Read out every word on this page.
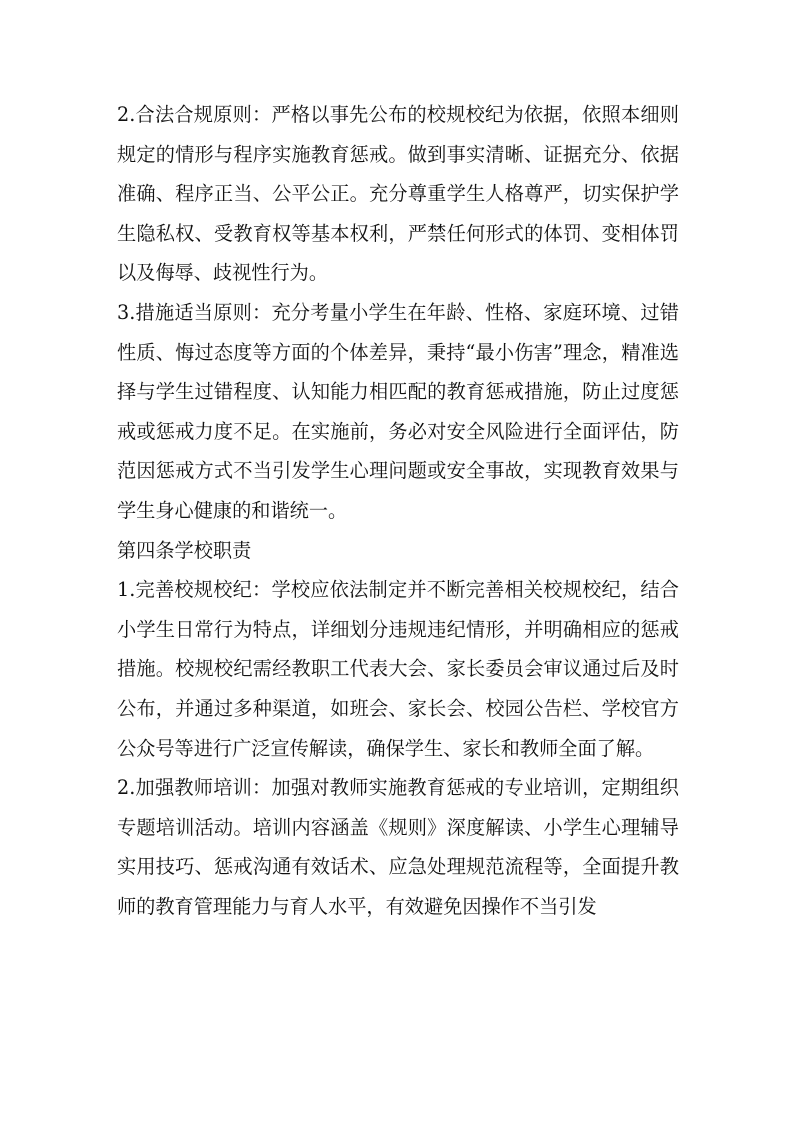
2.合法合规原则：严格以事先公布的校规校纪为依据，依照本细则规定的情形与程序实施教育惩戒。做到事实清晰、证据充分、依据准确、程序正当、公平公正。充分尊重学生人格尊严，切实保护学生隐私权、受教育权等基本权利，严禁任何形式的体罚、变相体罚以及侮辱、歧视性行为。

3.措施适当原则：充分考量小学生在年龄、性格、家庭环境、过错性质、悔过态度等方面的个体差异，秉持“最小伤害”理念，精准选择与学生过错程度、认知能力相匹配的教育惩戒措施，防止过度惩戒或惩戒力度不足。在实施前，务必对安全风险进行全面评估，防范因惩戒方式不当引发学生心理问题或安全事故，实现教育效果与学生身心健康的和谐统一。

第四条学校职责

1.完善校规校纪：学校应依法制定并不断完善相关校规校纪，结合小学生日常行为特点，详细划分违规违纪情形，并明确相应的惩戒措施。校规校纪需经教职工代表大会、家长委员会审议通过后及时公布，并通过多种渠道，如班会、家长会、校园公告栏、学校官方公众号等进行广泛宣传解读，确保学生、家长和教师全面了解。

2.加强教师培训：加强对教师实施教育惩戒的专业培训，定期组织专题培训活动。培训内容涵盖《规则》深度解读、小学生心理辅导实用技巧、惩戒沟通有效话术、应急处理规范流程等，全面提升教师的教育管理能力与育人水平，有效避免因操作不当引发
